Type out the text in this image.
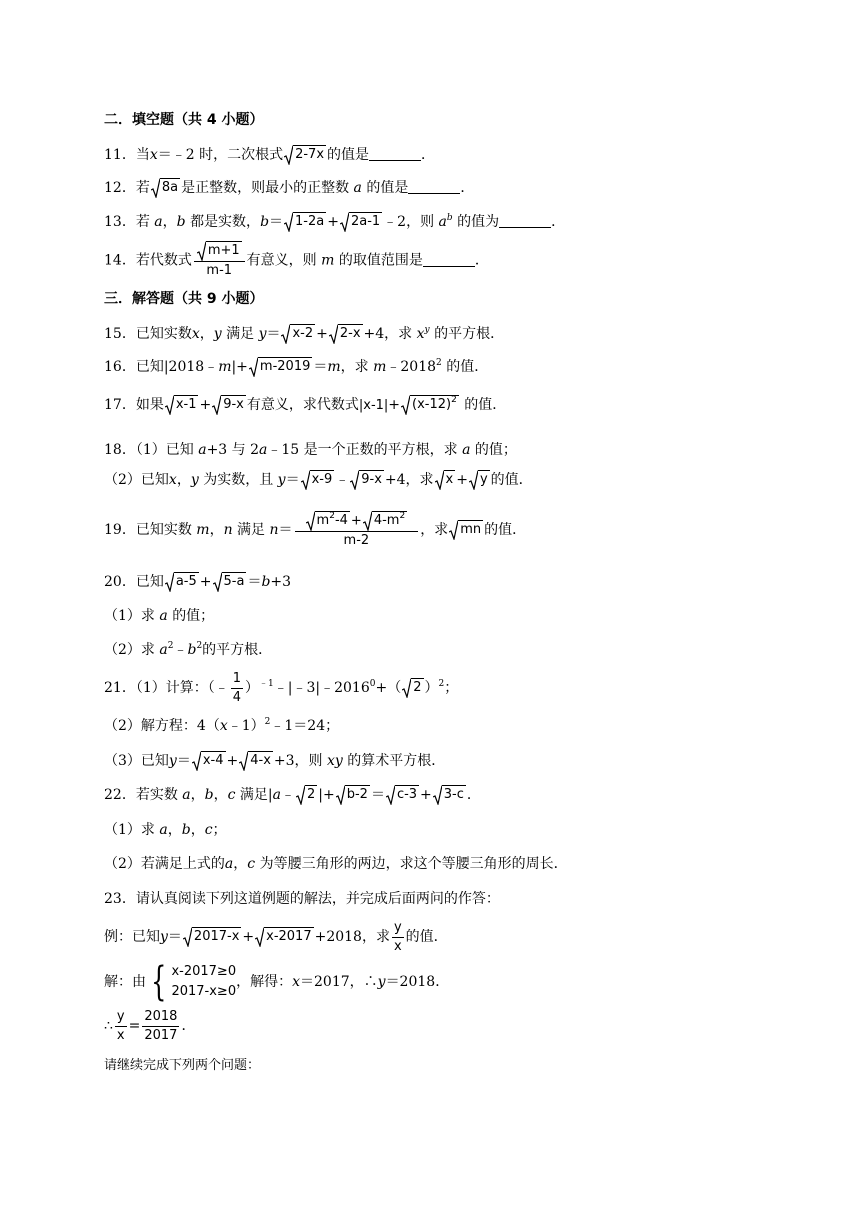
二．填空题（共 4 小题）
11．当x＝﹣2 时，二次根式 2-7x 的值是	．
12．若 8a 是正整数，则最小的正整数 a 的值是	．
13．若 a，b 都是实数，b＝ 1-2a + 2a-1 ﹣2，则 $a^b$ 的值为	．
14．若代数式 $\frac{m+1}{m-1}$ 有意义，则 m 的取值范围是	．
三．解答题（共 9 小题）
15．已知实数x，y 满足 y＝ x-2 + 2-x +4，求 $x^y$ 的平方根．
16．已知|2018﹣m|+ m-2019 ＝m，求 m﹣2018$^2$ 的值．
17．如果 x-1 + 9-x 有意义，求代数式$|x-1|+ (x-12)^2$ 的值．
18．（1）已知 a+3 与 2a﹣15 是一个正数的平方根，求 a 的值；
（2）已知x，y 为实数，且 y＝ x-9 ﹣ 9-x +4，求 x + y 的值．
19．已知实数 m，n 满足 $n= \frac{m^2-4 + 4-m^2}{m-2}$ ，求 mn 的值．
20．已知 a-5 + 5-a ＝b+3
（1）求 a 的值；
（2）求 $a^2﹣b^2$的平方根．
21．（1）计算：（﹣ $\frac{1}{4}$ ）$^{﹣1}﹣|﹣3|﹣2016^0+$（ 2 ）$^2$；
（2）解方程：4（x﹣1）$^2$﹣1＝24；
（3）已知y＝ x-4 + 4-x +3，则 xy 的算术平方根．
22．若实数 a，b，c 满足|a﹣ 2 |+ b-2 ＝ c-3 + 3-c ．
（1）求 a，b，c；
（2）若满足上式的a，c 为等腰三角形的两边，求这个等腰三角形的周长．
23．请认真阅读下列这道例题的解法，并完成后面两问的作答：
例：已知y＝ 2017-x + x-2017 +2018，求 $\frac{y}{x}$ 的值．
解：由 { x-2017≥0
2017-x≥0
，解得：x＝2017，∴y＝2018．
∴ $\frac{y}{x} = \frac{2018}{2017}$ ．
请继续完成下列两个问题：
